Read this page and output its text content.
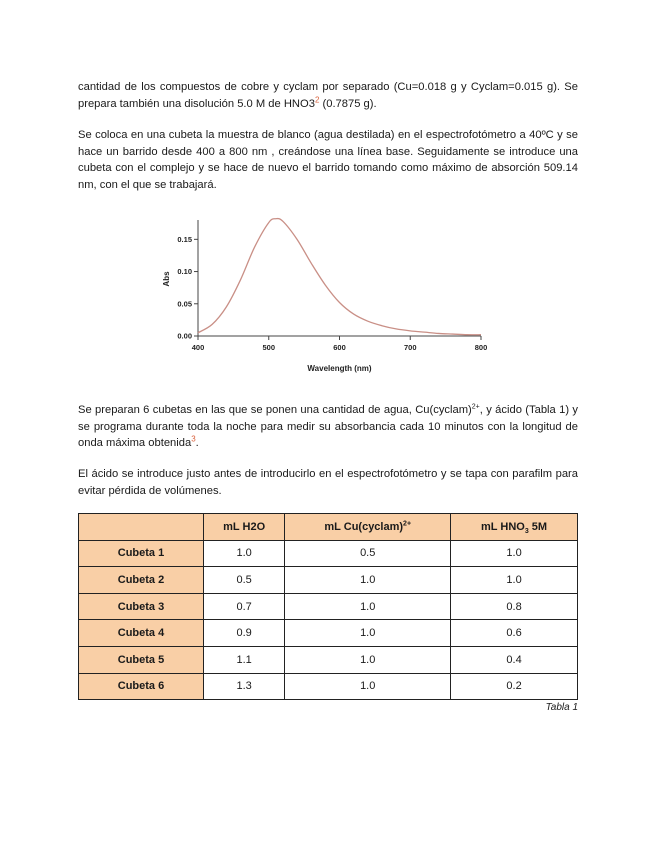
cantidad de los compuestos de cobre y cyclam por separado (Cu=0.018 g y Cyclam=0.015 g). Se prepara también una disolución 5.0 M de HNO3$^2$ (0.7875 g).

Se coloca en una cubeta la muestra de blanco (agua destilada) en el espectrofotómetro a 40ºC y se hace un barrido desde 400 a 800 nm , creándose una línea base. Seguidamente se introduce una cubeta con el complejo y se hace de nuevo el barrido tomando como máximo de absorción 509.14 nm, con el que se trabajará.

400	500	600	700	800
0.00
0.05
0.10
0.15
Abs
Wavelength (nm)

Se preparan 6 cubetas en las que se ponen una cantidad de agua, Cu(cyclam)$^{2+}$, y ácido (Tabla 1) y se programa durante toda la noche para medir su absorbancia cada 10 minutos con la longitud de onda máxima obtenida$^3$.

El ácido se introduce justo antes de introducirlo en el espectrofotómetro y se tapa con parafilm para evitar pérdida de volúmenes.

	mL H2O	mL Cu(cyclam)$^{2+}$	mL $HNO_3$ 5M
Cubeta 1	1.0	0.5	1.0
Cubeta 2	0.5	1.0	1.0
Cubeta 3	0.7	1.0	0.8
Cubeta 4	0.9	1.0	0.6
Cubeta 5	1.1	1.0	0.4
Cubeta 6	1.3	1.0	0.2
Tabla 1
